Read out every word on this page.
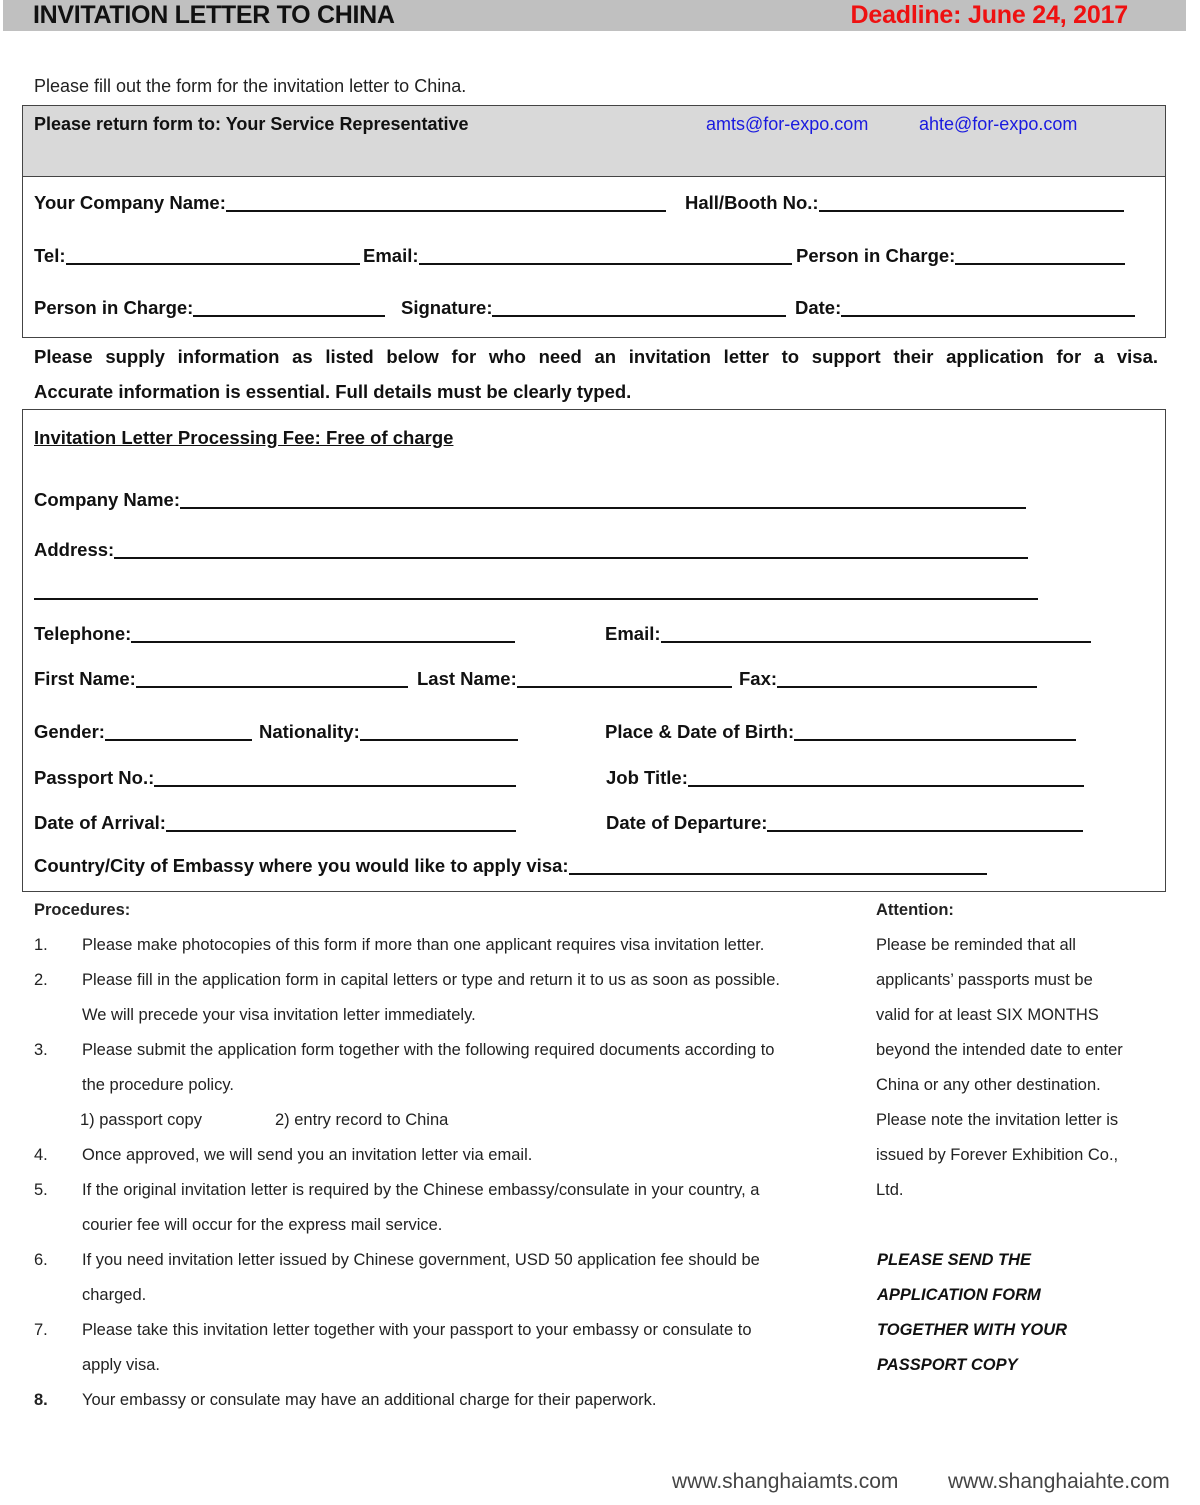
INVITATION LETTER TO CHINA	Deadline: June 24, 2017
Please fill out the form for the invitation letter to China.
Please return form to: Your Service Representative	amts@for-expo.com	ahte@for-expo.com
Your Company Name:	Hall/Booth No.:
Tel:	Email:	Person in Charge:
Person in Charge:	Signature:	Date:
Please supply information as listed below for who need an invitation letter to support their application for a visa.
Accurate information is essential. Full details must be clearly typed.
Invitation Letter Processing Fee: Free of charge
Company Name:
Address:
Telephone:	Email:
First Name:	Last Name:	Fax:
Gender:	Nationality:	Place & Date of Birth:
Passport No.:	Job Title:
Date of Arrival:	Date of Departure:
Country/City of Embassy where you would like to apply visa:
Procedures:
1. Please make photocopies of this form if more than one applicant requires visa invitation letter.
2. Please fill in the application form in capital letters or type and return it to us as soon as possible.
We will precede your visa invitation letter immediately.
3. Please submit the application form together with the following required documents according to
the procedure policy.
1) passport copy	2) entry record to China
4. Once approved, we will send you an invitation letter via email.
5. If the original invitation letter is required by the Chinese embassy/consulate in your country, a
courier fee will occur for the express mail service.
6. If you need invitation letter issued by Chinese government, USD 50 application fee should be
charged.
7. Please take this invitation letter together with your passport to your embassy or consulate to
apply visa.
8. Your embassy or consulate may have an additional charge for their paperwork.
Attention:
Please be reminded that all
applicants’ passports must be
valid for at least SIX MONTHS
beyond the intended date to enter
China or any other destination.
Please note the invitation letter is
issued by Forever Exhibition Co.,
Ltd.
PLEASE SEND THE
APPLICATION FORM
TOGETHER WITH YOUR
PASSPORT COPY
www.shanghaiamts.com www.shanghaiahte.com
